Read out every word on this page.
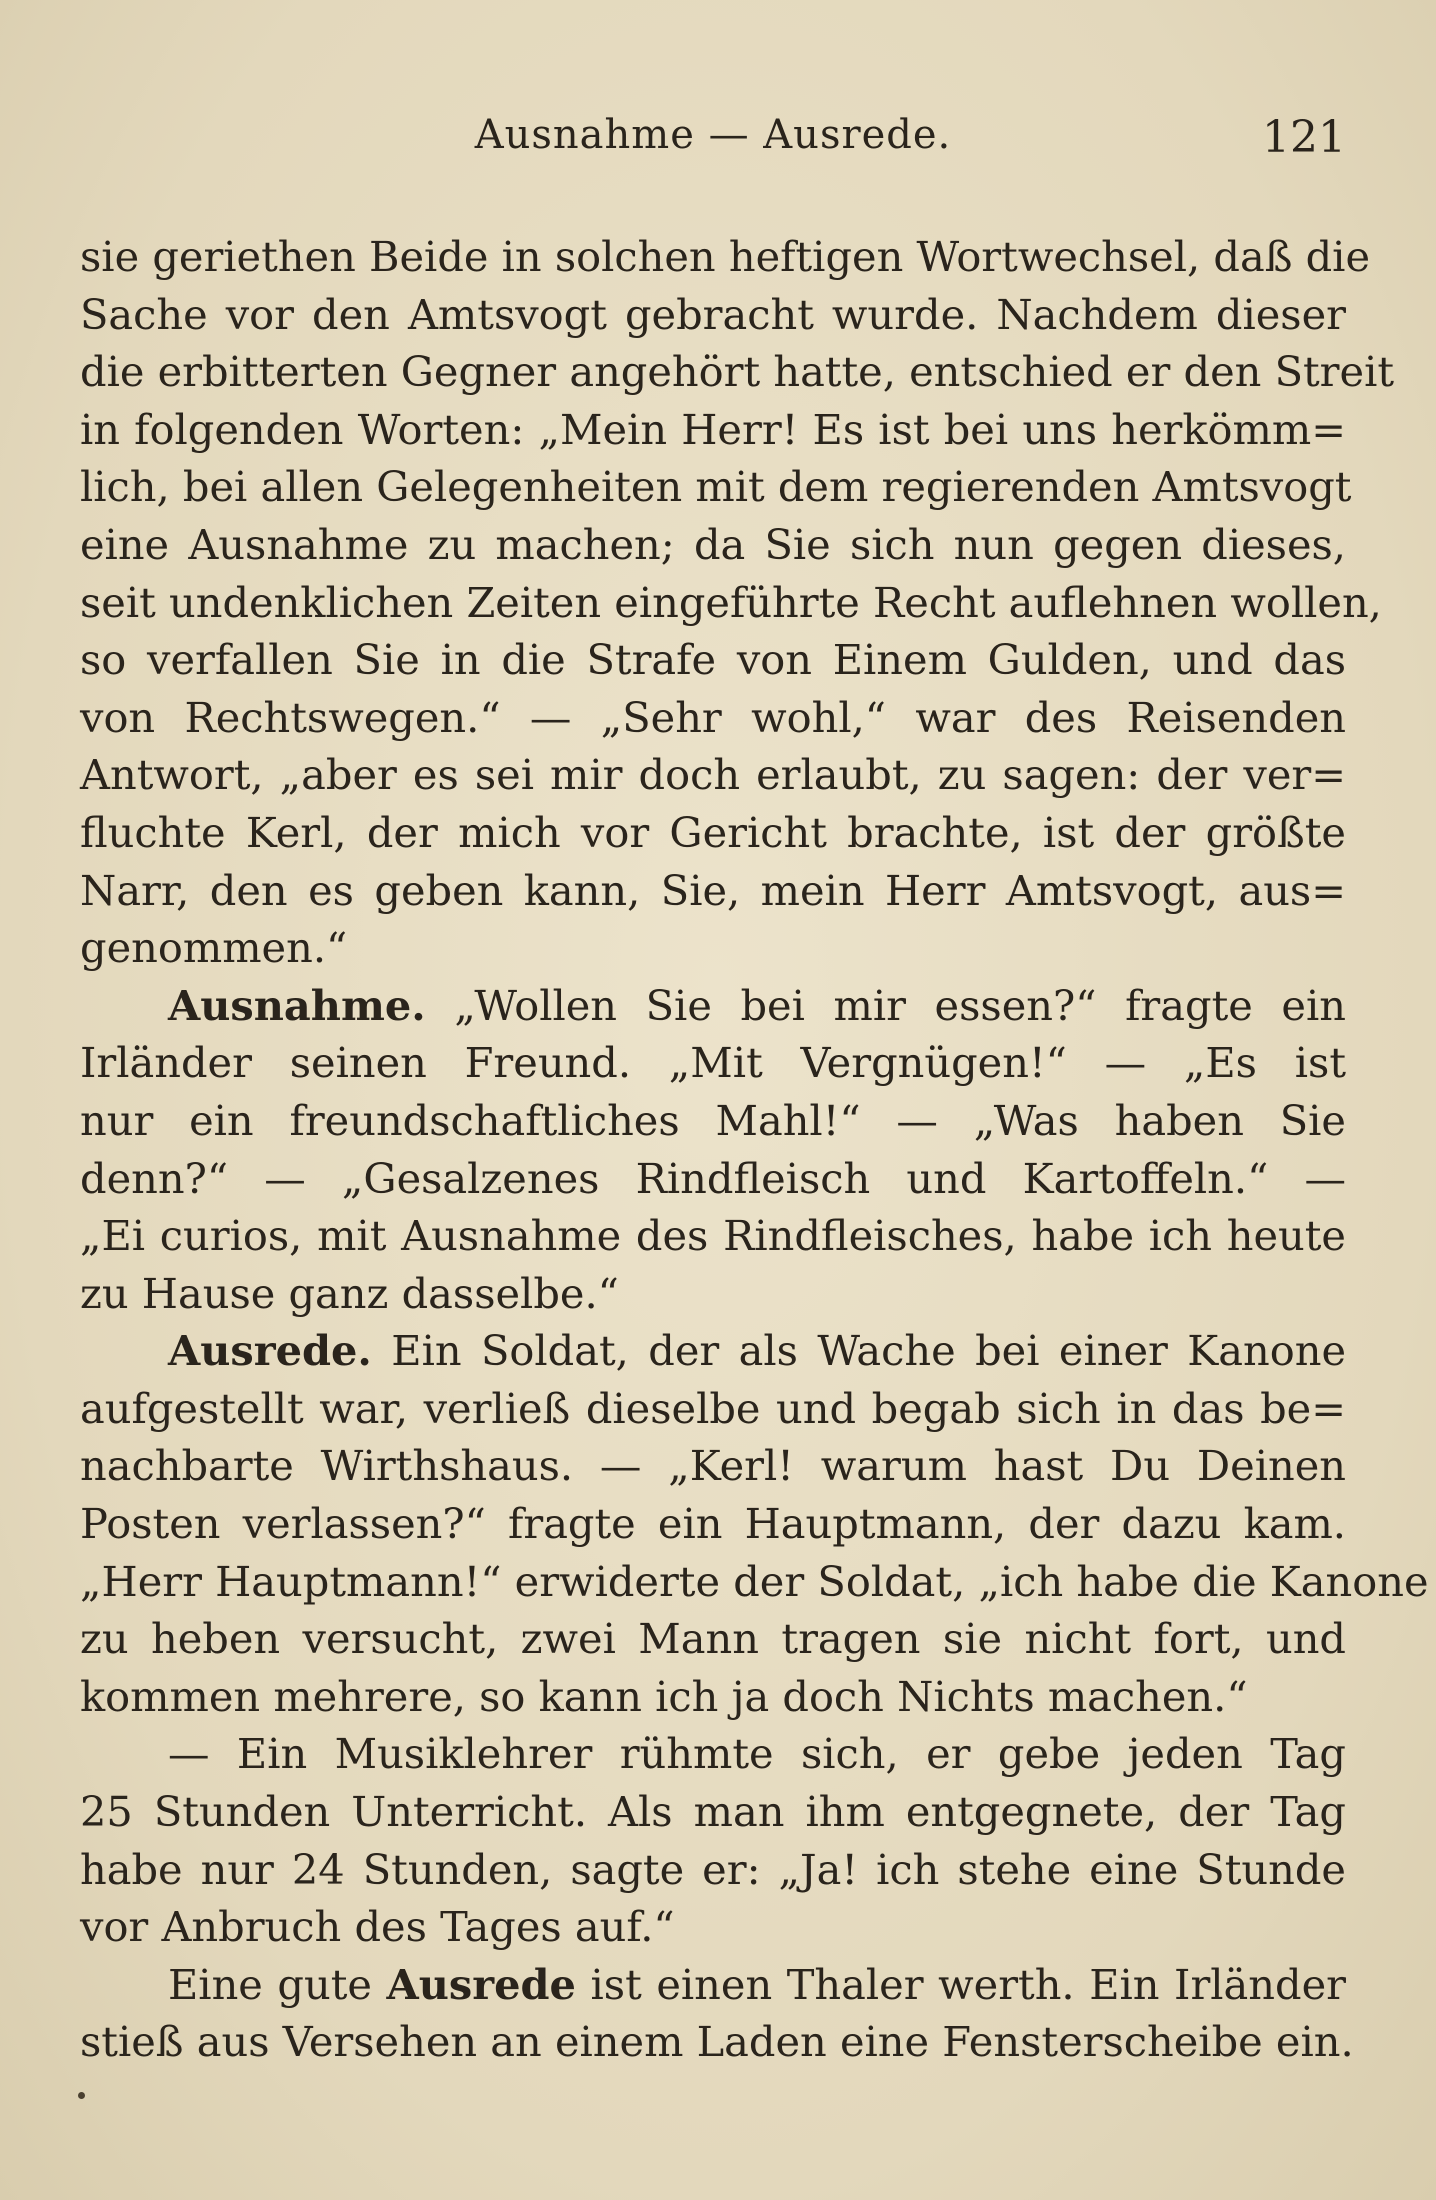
Ausnahme — Ausrede.	121
sie geriethen Beide in solchen heftigen Wortwechsel, daß die
Sache vor den Amtsvogt gebracht wurde. Nachdem dieser
die erbitterten Gegner angehört hatte, entschied er den Streit
in folgenden Worten: „Mein Herr! Es ist bei uns herkömm=
lich, bei allen Gelegenheiten mit dem regierenden Amtsvogt
eine Ausnahme zu machen; da Sie sich nun gegen dieses,
seit undenklichen Zeiten eingeführte Recht auflehnen wollen,
so verfallen Sie in die Strafe von Einem Gulden, und das
von Rechtswegen.“ — „Sehr wohl,“ war des Reisenden
Antwort, „aber es sei mir doch erlaubt, zu sagen: der ver=
fluchte Kerl, der mich vor Gericht brachte, ist der größte
Narr, den es geben kann, Sie, mein Herr Amtsvogt, aus=
genommen.“
Ausnahme. „Wollen Sie bei mir essen?“ fragte ein
Irländer seinen Freund. „Mit Vergnügen!“ — „Es ist
nur ein freundschaftliches Mahl!“ — „Was haben Sie
denn?“ — „Gesalzenes Rindfleisch und Kartoffeln.“ —
„Ei curios, mit Ausnahme des Rindfleisches, habe ich heute
zu Hause ganz dasselbe.“
Ausrede. Ein Soldat, der als Wache bei einer Kanone
aufgestellt war, verließ dieselbe und begab sich in das be=
nachbarte Wirthshaus. — „Kerl! warum hast Du Deinen
Posten verlassen?“ fragte ein Hauptmann, der dazu kam.
„Herr Hauptmann!“ erwiderte der Soldat, „ich habe die Kanone
zu heben versucht, zwei Mann tragen sie nicht fort, und
kommen mehrere, so kann ich ja doch Nichts machen.“
— Ein Musiklehrer rühmte sich, er gebe jeden Tag
25 Stunden Unterricht. Als man ihm entgegnete, der Tag
habe nur 24 Stunden, sagte er: „Ja! ich stehe eine Stunde
vor Anbruch des Tages auf.“
Eine gute Ausrede ist einen Thaler werth. Ein Irländer
stieß aus Versehen an einem Laden eine Fensterscheibe ein.
